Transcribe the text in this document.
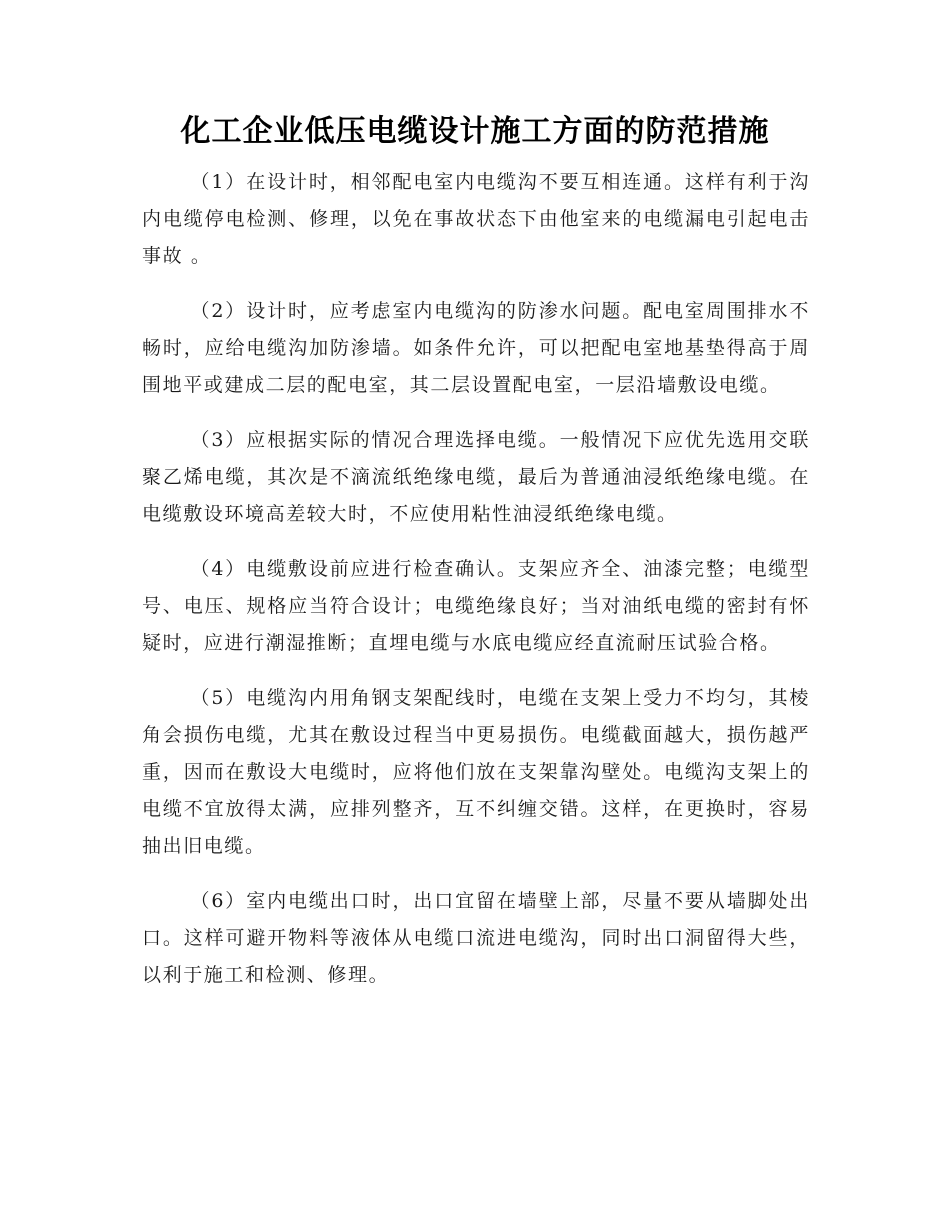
化工企业低压电缆设计施工方面的防范措施

（1）在设计时，相邻配电室内电缆沟不要互相连通。这样有利于沟内电缆停电检测、修理，以免在事故状态下由他室来的电缆漏电引起电击事故 。

（2）设计时，应考虑室内电缆沟的防渗水问题。配电室周围排水不畅时，应给电缆沟加防渗墙。如条件允许，可以把配电室地基垫得高于周围地平或建成二层的配电室，其二层设置配电室，一层沿墙敷设电缆。

（3）应根据实际的情况合理选择电缆。一般情况下应优先选用交联聚乙烯电缆，其次是不滴流纸绝缘电缆，最后为普通油浸纸绝缘电缆。在电缆敷设环境高差较大时，不应使用粘性油浸纸绝缘电缆。

（4）电缆敷设前应进行检查确认。支架应齐全、油漆完整；电缆型号、电压、规格应当符合设计；电缆绝缘良好；当对油纸电缆的密封有怀疑时，应进行潮湿推断；直埋电缆与水底电缆应经直流耐压试验合格。

（5）电缆沟内用角钢支架配线时，电缆在支架上受力不均匀，其棱角会损伤电缆，尤其在敷设过程当中更易损伤。电缆截面越大，损伤越严重，因而在敷设大电缆时，应将他们放在支架靠沟壁处。电缆沟支架上的电缆不宜放得太满，应排列整齐，互不纠缠交错。这样，在更换时，容易抽出旧电缆。

（6）室内电缆出口时，出口宜留在墙壁上部，尽量不要从墙脚处出口。这样可避开物料等液体从电缆口流进电缆沟，同时出口洞留得大些，以利于施工和检测、修理。
